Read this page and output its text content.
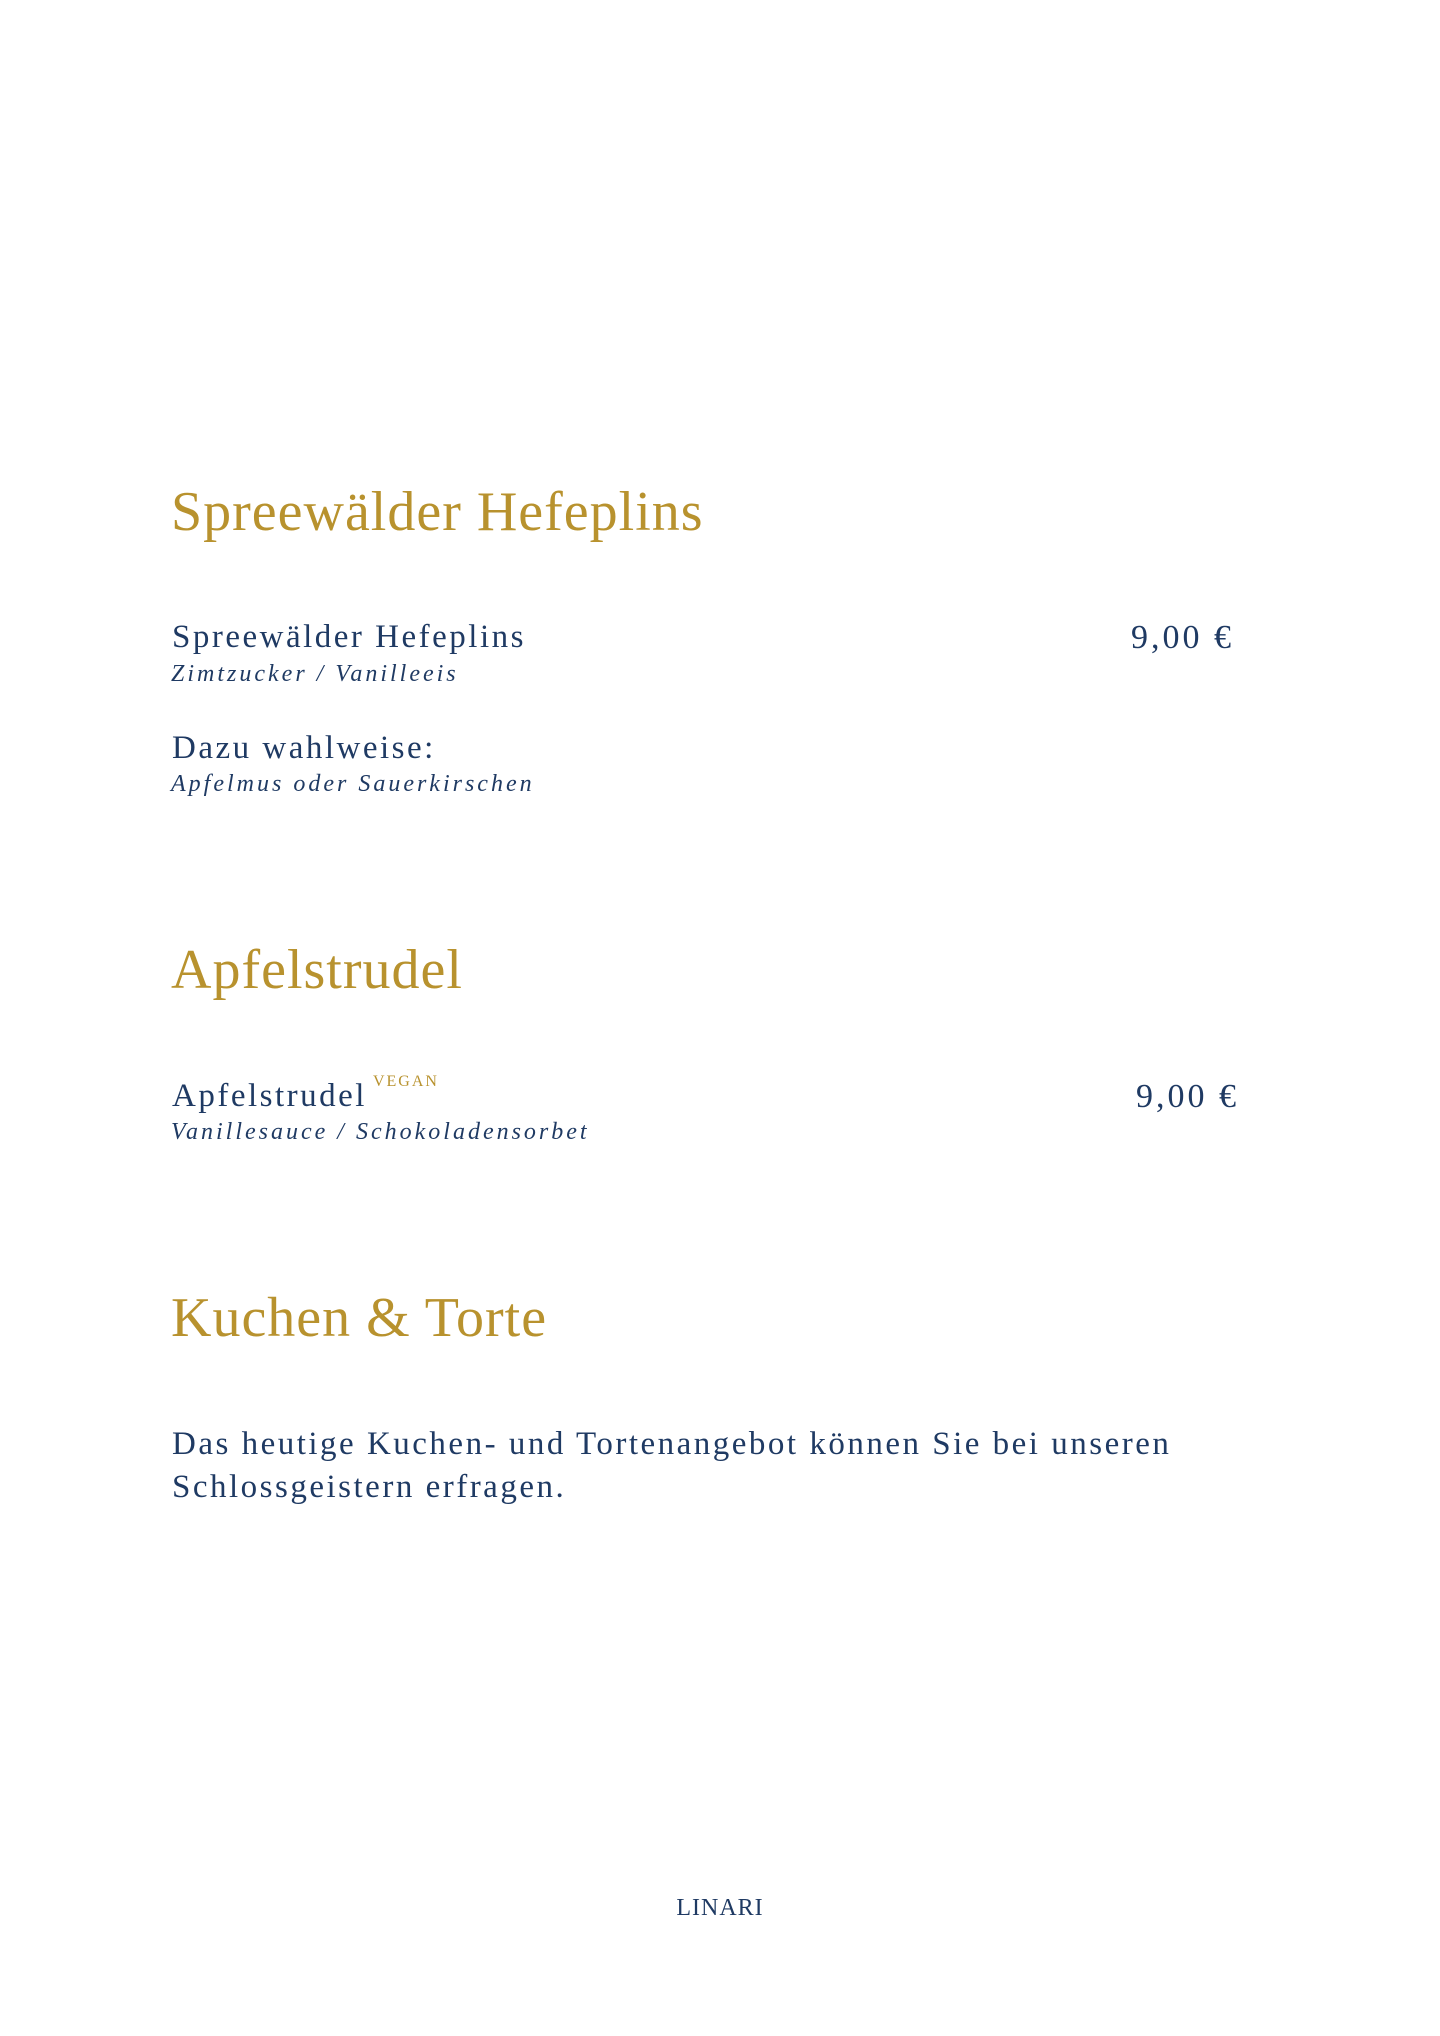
Spreewälder Hefeplins
Spreewälder Hefeplins	9,00 €
Zimtzucker / Vanilleeis
Dazu wahlweise:
Apfelmus oder Sauerkirschen
Apfelstrudel
Apfelstrudel $^{VEGAN}$	9,00 €
Vanillesauce / Schokoladensorbet
Kuchen & Torte
Das heutige Kuchen- und Tortenangebot können Sie bei unseren Schlossgeistern erfragen.
LINARI
